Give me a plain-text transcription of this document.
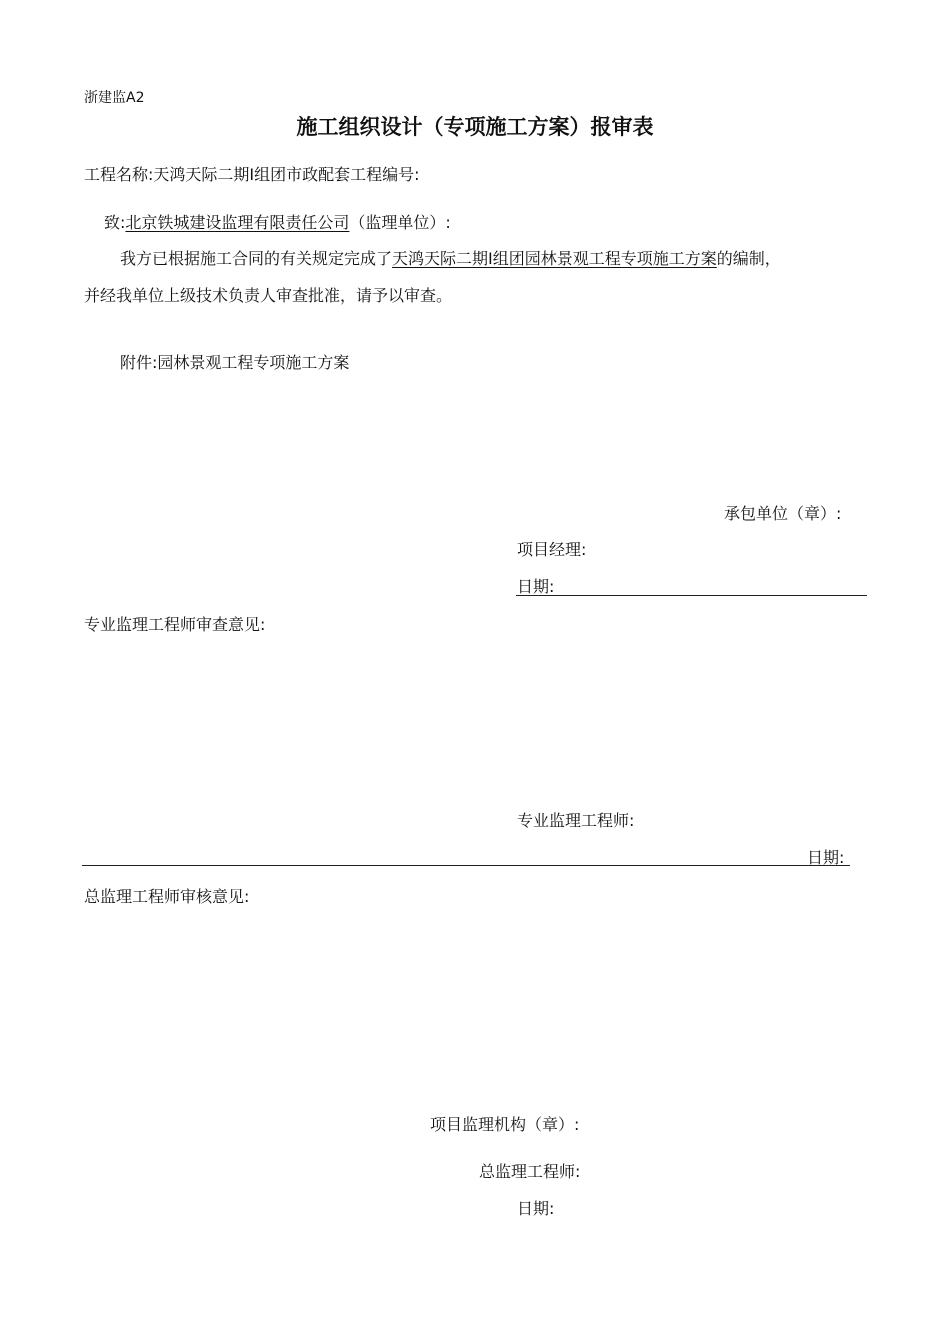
浙建监A2
施工组织设计（专项施工方案）报审表
工程名称:天鸿天际二期Ⅰ组团市政配套工程编号:
致:北京铁城建设监理有限责任公司（监理单位）:
我方已根据施工合同的有关规定完成了天鸿天际二期Ⅰ组团园林景观工程专项施工方案的编制，
并经我单位上级技术负责人审查批准，请予以审查。
附件:园林景观工程专项施工方案
承包单位（章）:
项目经理:
日期:
专业监理工程师审查意见:
专业监理工程师:
日期:
总监理工程师审核意见:
项目监理机构（章）:
总监理工程师:
日期:
